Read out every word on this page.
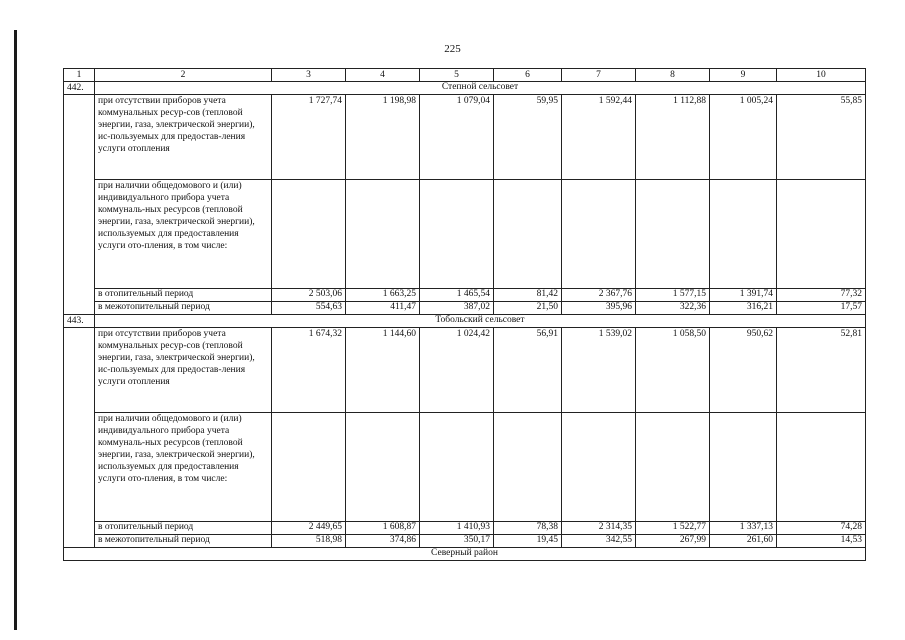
225
1	2	3	4	5	6	7	8	9	10
442.	Степной сельсовет								
	при отсутствии приборов учета коммунальных ресур-сов (тепловой энергии, газа, электрической энергии), ис-пользуемых для предостав-ления услуги отопления	1 727,74	1 198,98	1 079,04	59,95	1 592,44	1 112,88	1 005,24	55,85
	при наличии общедомового и (или) индивидуального прибора учета коммуналь-ных ресурсов (тепловой энергии, газа, электрической энергии), используемых для предоставления услуги ото-пления, в том числе:								
	в отопительный период	2 503,06	1 663,25	1 465,54	81,42	2 367,76	1 577,15	1 391,74	77,32
	в межотопительный период	554,63	411,47	387,02	21,50	395,96	322,36	316,21	17,57
443.	Тобольский сельсовет								
	при отсутствии приборов учета коммунальных ресур-сов (тепловой энергии, газа, электрической энергии), ис-пользуемых для предостав-ления услуги отопления	1 674,32	1 144,60	1 024,42	56,91	1 539,02	1 058,50	950,62	52,81
	при наличии общедомового и (или) индивидуального прибора учета коммуналь-ных ресурсов (тепловой энергии, газа, электрической энергии), используемых для предоставления услуги ото-пления, в том числе:								
	в отопительный период	2 449,65	1 608,87	1 410,93	78,38	2 314,35	1 522,77	1 337,13	74,28
	в межотопительный период	518,98	374,86	350,17	19,45	342,55	267,99	261,60	14,53
Северный район									
